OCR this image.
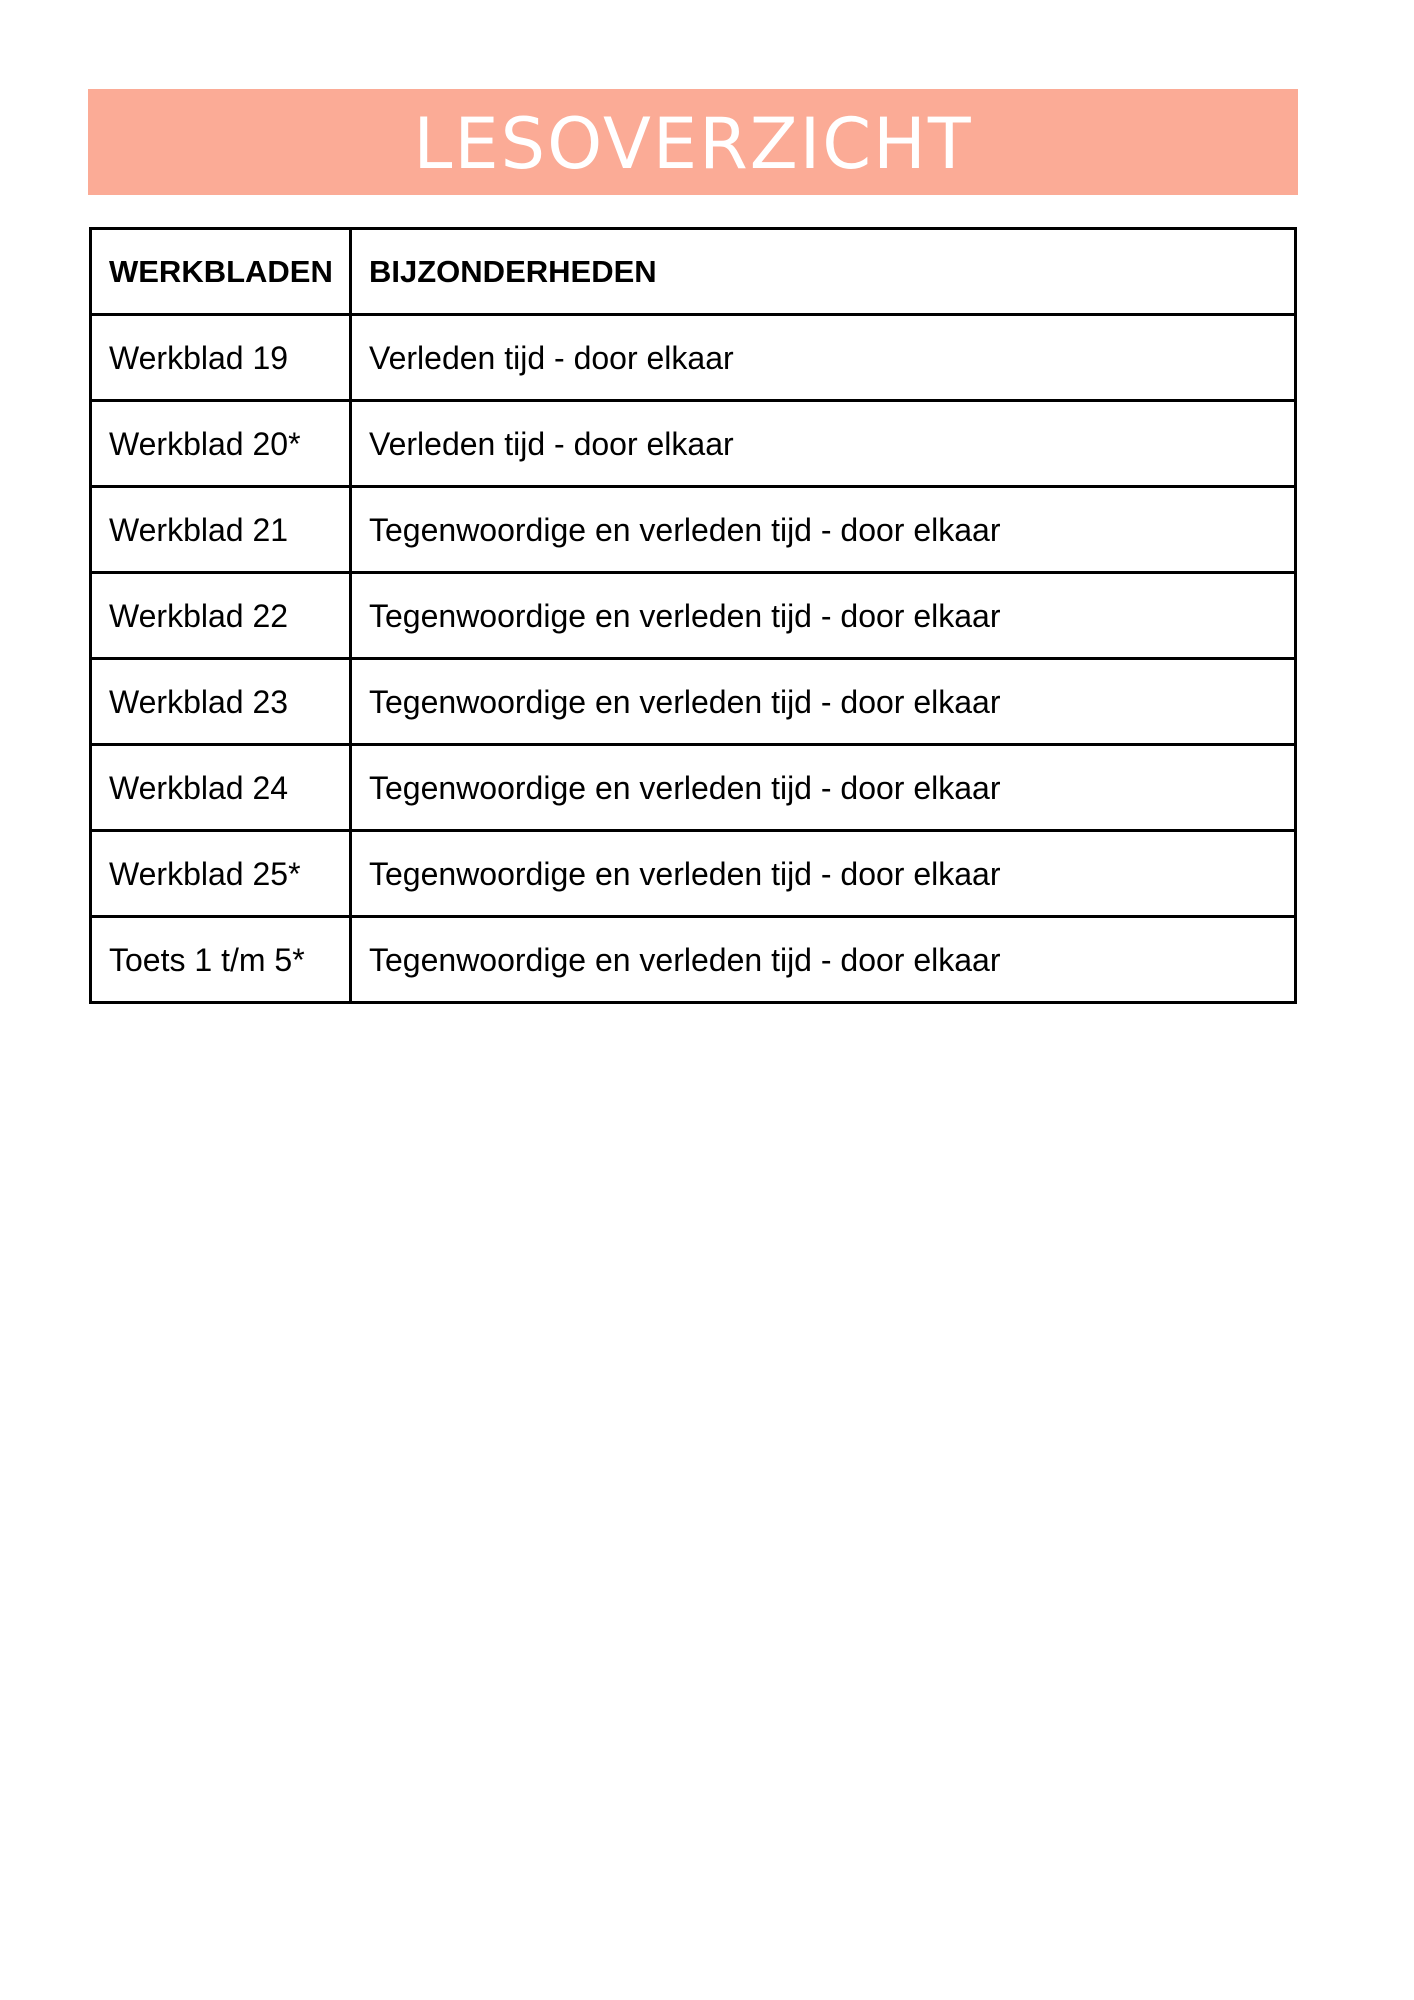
LESOVERZICHT
WERKBLADEN	BIJZONDERHEDEN
Werkblad 19	Verleden tijd - door elkaar
Werkblad 20*	Verleden tijd - door elkaar
Werkblad 21	Tegenwoordige en verleden tijd - door elkaar
Werkblad 22	Tegenwoordige en verleden tijd - door elkaar
Werkblad 23	Tegenwoordige en verleden tijd - door elkaar
Werkblad 24	Tegenwoordige en verleden tijd - door elkaar
Werkblad 25*	Tegenwoordige en verleden tijd - door elkaar
Toets 1 t/m 5*	Tegenwoordige en verleden tijd - door elkaar
